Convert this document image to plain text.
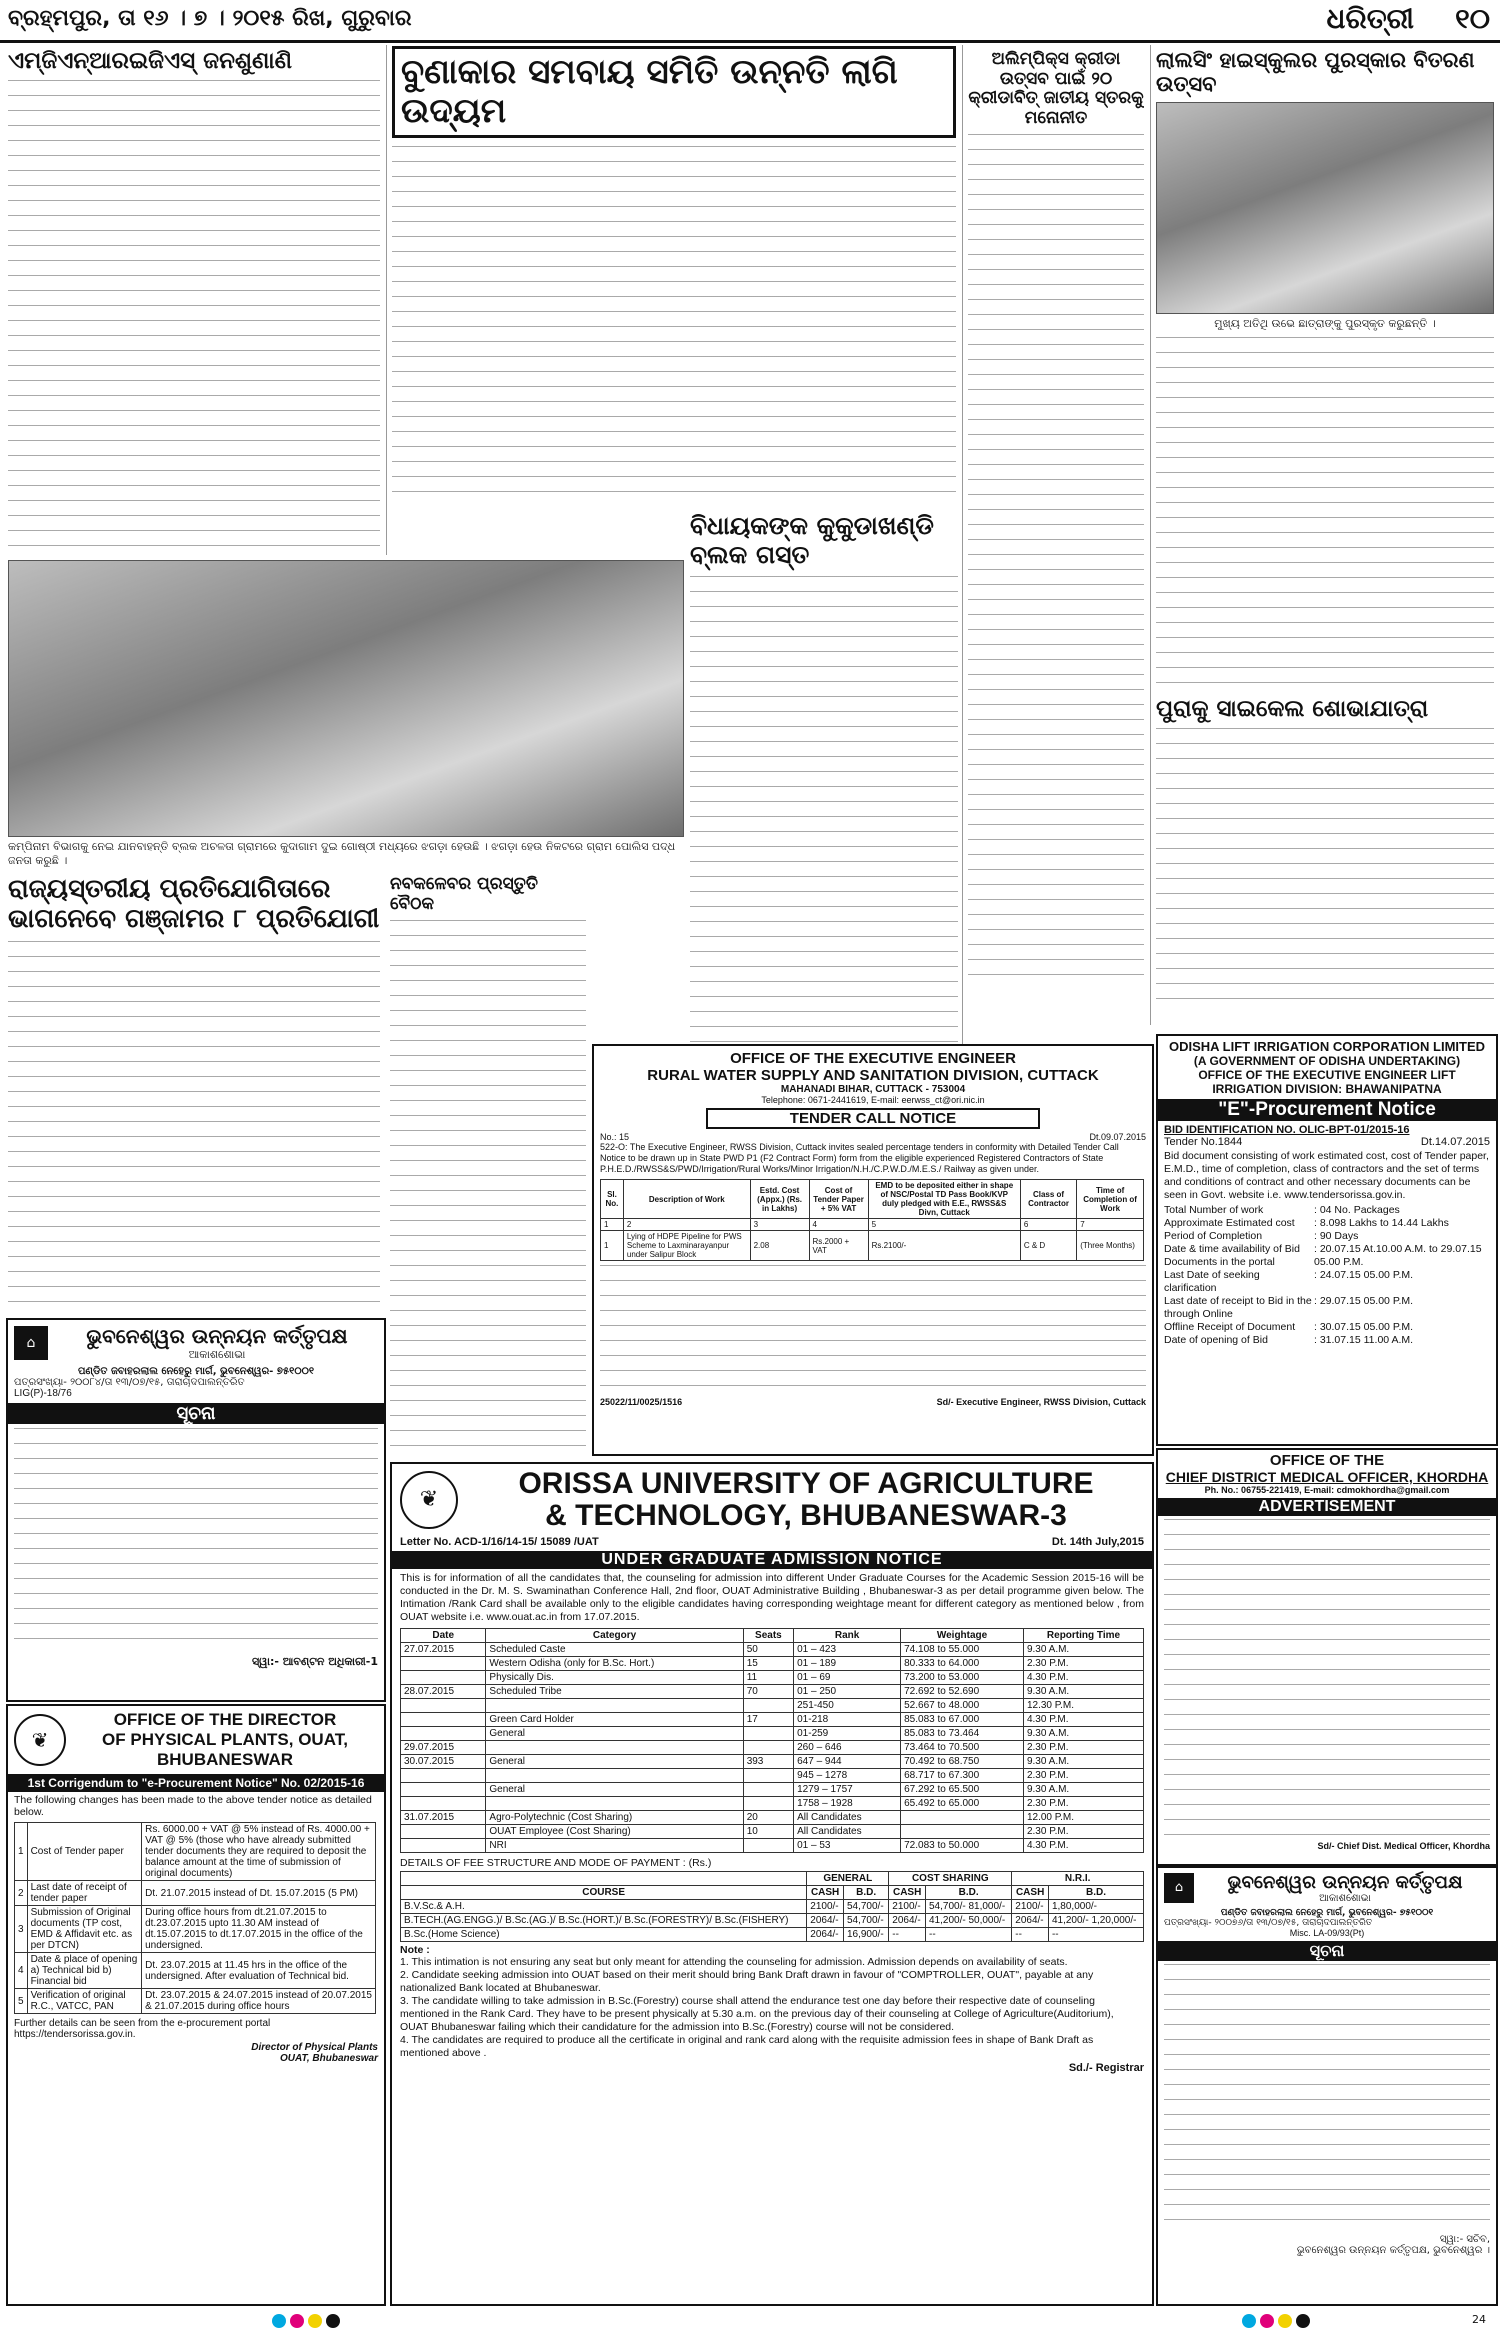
ବ୍ରହ୍ମପୁର, ତା ୧୬ । ୭ । ୨୦୧୫ ରିଖ, ଗୁରୁବାର	ଧରିତ୍ରୀ ୧୦
ଏମ୍‌ଜିଏନ୍‌ଆରଇଜିଏସ୍ ଜନଶୁଣାଣି	ବୁଣାକାର ସମବାୟ ସମିତି ଉନ୍ନତି ଲାଗି ଉଦ୍ୟମ
ଅଲିମ୍ପିକ୍ସ କ୍ରୀଡା ଉତ୍ସବ ପାଇଁ ୨୦ କ୍ରୀଡାବିତ୍ ଜାତୀୟ ସ୍ତରକୁ ମନୋନୀତ
ଲାଲସିଂ ହାଇସ୍କୁଲର ପୁରସ୍କାର ବିତରଣ ଉତ୍ସବ
ମୁଖ୍ୟ ଅତିଥି ଉଭେ ଛାତ୍ରାଙ୍କୁ ପୁରସ୍କୃତ କରୁଛନ୍ତି ।
ବିଧାୟକଙ୍କ କୁକୁଡାଖଣ୍ଡି ବ୍ଲକ ଗସ୍ତ
କମ୍ପିନାମ ବିଭାଗକୁ ନେଇ ଯାନବାହନ୍ତି ବ୍ଲକ ଅଚଳତା ଗ୍ରାମରେ କୁଦାଗାମ ଦୁଇ ଗୋଷ୍ଠୀ ମଧ୍ୟରେ ଝଗଡ଼ା ହେଉଛି । ଝଗଡ଼ା ହେଉ ନିକଟରେ ଗ୍ରାମ ପୋଲିସ ପଦ୍ଧ ଜନତା କରୁଛି ।
ରାଜ୍ୟସ୍ତରୀୟ ପ୍ରତିଯୋଗିତାରେ ଭାଗନେବେ ଗଞ୍ଜାମର ୮ ପ୍ରତିଯୋଗୀ
ନବକଳେବର ପ୍ରସ୍ତୁତି ବୈଠକ
ପୁରାକୁ ସାଇକେଲ ଶୋଭାଯାତ୍ରା
⌂	ଭୁବନେଶ୍ୱର ଉନ୍ନୟନ କର୍ତ୍ତୃପକ୍ଷ
ଆକାଶଶୋଭା
ପଣ୍ଡିତ ଜବାହରଲାଲ ନେହେରୁ ମାର୍ଗ, ଭୁବନେଶ୍ୱର- ୭୫୧୦୦୧
ପତ୍ରସଂଖ୍ୟା- ୨୦୦୮୪/ତା ୧୩/୦୭/୧୫, ତାରାଚାଦପାଲନ୍ତରିତ
LIG(P)-18/76
ସୂଚନା
ସ୍ୱା:- ଆବଣ୍ଟନ ଅଧିକାରୀ-1
OFFICE OF THE EXECUTIVE ENGINEER
RURAL WATER SUPPLY AND SANITATION DIVISION, CUTTACK
MAHANADI BIHAR, CUTTACK - 753004
Telephone: 0671-2441619, E-mail: eerwss_ct@ori.nic.in
TENDER CALL NOTICE
No.: 15	Dt.09.07.2015
522-O: The Executive Engineer, RWSS Division, Cuttack invites sealed percentage tenders in conformity with Detailed Tender Call Notice to be drawn up in State PWD P1 (F2 Contract Form) form from the eligible experienced Registered Contractors of State P.H.E.D./RWSS&S/PWD/Irrigation/Rural Works/Minor Irrigation/N.H./C.P.W.D./M.E.S./ Railway as given under.
Sl. No.	Description of Work	Estd. Cost (Appx.) (Rs. in Lakhs)	Cost of Tender Paper + 5% VAT	EMD to be deposited either in shape of NSC/Postal TD Pass Book/KVP duly pledged with E.E., RWSS&S Divn, Cuttack	Class of Contractor	Time of Completion of Work
1	2	3	4	5	6	7
1	Lying of HDPE Pipeline for PWS Scheme to Laxminarayanpur under Salipur Block	2.08	Rs.2000 + VAT	Rs.2100/-	C & D	(Three Months)
25022/11/0025/1516	Sd/- Executive Engineer, RWSS Division, Cuttack
ODISHA LIFT IRRIGATION CORPORATION LIMITED
(A GOVERNMENT OF ODISHA UNDERTAKING)
OFFICE OF THE EXECUTIVE ENGINEER LIFT
IRRIGATION DIVISION: BHAWANIPATNA
"E"-Procurement Notice
BID IDENTIFICATION NO. OLIC-BPT-01/2015-16
Tender No.1844	Dt.14.07.2015
Bid document consisting of work estimated cost, cost of Tender paper, E.M.D., time of completion, class of contractors and the set of terms and conditions of contract and other necessary documents can be seen in Govt. website i.e. www.tendersorissa.gov.in.
Total Number of work	: 04 No. Packages
Approximate Estimated cost	: 8.098 Lakhs to 14.44 Lakhs
Period of Completion	: 90 Days
Date & time availability of Bid Documents in the portal
: 20.07.15 At.10.00 A.M. to 29.07.15 05.00 P.M.
Last Date of seeking clarification
: 24.07.15 05.00 P.M.
Last date of receipt to Bid in the through Online
: 29.07.15 05.00 P.M.
Offline Receipt of Document	: 30.07.15 05.00 P.M.
Date of opening of Bid	: 31.07.15 11.00 A.M.
OFFICE OF THE
CHIEF DISTRICT MEDICAL OFFICER, KHORDHA
Ph. No.: 06755-221419, E-mail: cdmokhordha@gmail.com
ADVERTISEMENT
Sd/- Chief Dist. Medical Officer, Khordha
❦	ORISSA UNIVERSITY OF AGRICULTURE
& TECHNOLOGY, BHUBANESWAR-3
Letter No. ACD-1/16/14-15/ 15089 /UAT	Dt. 14th July,2015
UNDER GRADUATE ADMISSION NOTICE
This is for information of all the candidates that, the counseling for admission into different Under Graduate Courses for the Academic Session 2015-16 will be conducted in the Dr. M. S. Swaminathan Conference Hall, 2nd floor, OUAT Administrative Building , Bhubaneswar-3 as per detail programme given below. The Intimation /Rank Card shall be available only to the eligible candidates having corresponding weightage meant for different category as mentioned below , from OUAT website i.e. www.ouat.ac.in from 17.07.2015.
Date	Category	Seats	Rank	Weightage	Reporting Time
27.07.2015	Scheduled Caste	50	01 – 423	74.108 to 55.000	9.30 A.M.
	Western Odisha (only for B.Sc. Hort.)	15	01 – 189	80.333 to 64.000	2.30 P.M.
	Physically Dis.	11	01 – 69	73.200 to 53.000	4.30 P.M.
28.07.2015	Scheduled Tribe	70	01 – 250	72.692 to 52.690	9.30 A.M.
			251-450	52.667 to 48.000	12.30 P.M.
	Green Card Holder	17	01-218	85.083 to 67.000	4.30 P.M.
	General		01-259	85.083 to 73.464	9.30 A.M.
29.07.2015			260 – 646	73.464 to 70.500	2.30 P.M.
30.07.2015	General	393	647 – 944	70.492 to 68.750	9.30 A.M.
			945 – 1278	68.717 to 67.300	2.30 P.M.
	General		1279 – 1757	67.292 to 65.500	9.30 A.M.
			1758 – 1928	65.492 to 65.000	2.30 P.M.
31.07.2015	Agro-Polytechnic (Cost Sharing)	20	All Candidates		12.00 P.M.
	OUAT Employee (Cost Sharing)	10	All Candidates		2.30 P.M.
	NRI		01 – 53	72.083 to 50.000	4.30 P.M.
DETAILS OF FEE STRUCTURE AND MODE OF PAYMENT : (Rs.)
	GENERAL		COST SHARING		N.R.I.	
COURSE	CASH	B.D.	CASH	B.D.	CASH	B.D.
B.V.Sc.& A.H.	2100/-	54,700/-	2100/-	54,700/- 81,000/-	2100/-	1,80,000/-
B.TECH.(AG.ENGG.)/ B.Sc.(AG.)/ B.Sc.(HORT.)/ B.Sc.(FORESTRY)/ B.Sc.(FISHERY)	2064/-	54,700/-	2064/-	41,200/- 50,000/-	2064/-	41,200/- 1,20,000/-
B.Sc.(Home Science)	2064/-	16,900/-	--	--	--	--
Note :
1. This intimation is not ensuring any seat but only meant for attending the counseling for admission. Admission depends on availability of seats.
2. Candidate seeking admission into OUAT based on their merit should bring Bank Draft drawn in favour of "COMPTROLLER, OUAT", payable at any nationalized Bank located at Bhubaneswar.
3. The candidate willing to take admission in B.Sc.(Forestry) course shall attend the endurance test one day before their respective date of counseling mentioned in the Rank Card. They have to be present physically at 5.30 a.m. on the previous day of their counseling at College of Agriculture(Auditorium), OUAT Bhubaneswar failing which their candidature for the admission into B.Sc.(Forestry) course will not be considered.
4. The candidates are required to produce all the certificate in original and rank card along with the requisite admission fees in shape of Bank Draft as mentioned above .
Sd./- Registrar
❦
OFFICE OF THE DIRECTOR
OF PHYSICAL PLANTS, OUAT,
BHUBANESWAR
1st Corrigendum to "e-Procurement Notice" No. 02/2015-16
The following changes has been made to the above tender notice as detailed below.
1	Cost of Tender paper	Rs. 6000.00 + VAT @ 5% instead of Rs. 4000.00 + VAT @ 5% (those who have already submitted tender documents they are required to deposit the balance amount at the time of submission of original documents)
2	Last date of receipt of tender paper	Dt. 21.07.2015 instead of Dt. 15.07.2015 (5 PM)
3	Submission of Original documents (TP cost, EMD & Affidavit etc. as per DTCN)	During office hours from dt.21.07.2015 to dt.23.07.2015 upto 11.30 AM instead of dt.15.07.2015 to dt.17.07.2015 in the office of the undersigned.
4	Date & place of opening a) Technical bid b) Financial bid	Dt. 23.07.2015 at 11.45 hrs in the office of the undersigned. After evaluation of Technical bid.
5	Verification of original R.C., VATCC, PAN	Dt. 23.07.2015 & 24.07.2015 instead of 20.07.2015 & 21.07.2015 during office hours
Further details can be seen from the e-procurement portal https://tendersorissa.gov.in.
Director of Physical Plants
OUAT, Bhubaneswar
⌂	ଭୁବନେଶ୍ୱର ଉନ୍ନୟନ କର୍ତ୍ତୃପକ୍ଷ
ଆକାଶଶୋଭା
ପଣ୍ଡିତ ଜବାହରଲାଲ ନେହେରୁ ମାର୍ଗ, ଭୁବନେଶ୍ୱର- ୭୫୧୦୦୧
ପତ୍ରସଂଖ୍ୟା- ୨୦୦୭୬/ତା ୧୩/୦୭/୧୫, ତାରାଚାଦପାଲନ୍ତରିତ
Misc. LA-09/93(Pt)
ସୂଚନା
ସ୍ୱା:- ସଚିବ,
ଭୁବନେଶ୍ୱର ଉନ୍ନୟନ କର୍ତ୍ତୃପକ୍ଷ, ଭୁବନେଶ୍ୱର ।
24
